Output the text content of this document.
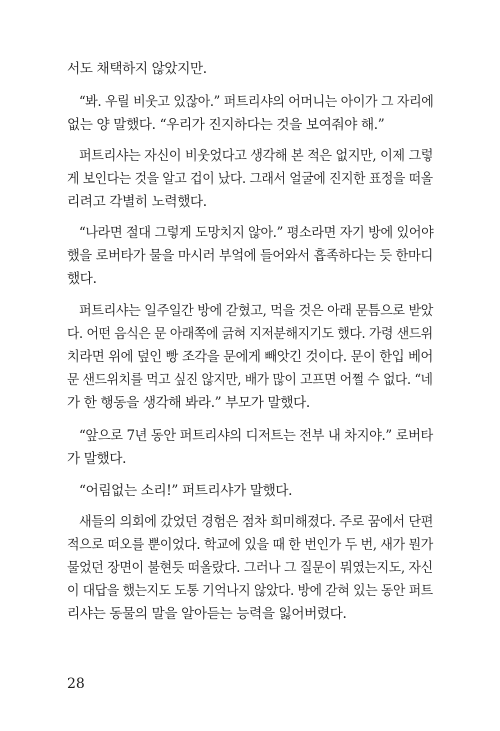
서도 채택하지 않았지만.
“봐. 우릴 비웃고 있잖아.” 퍼트리샤의 어머니는 아이가 그 자리에
없는 양 말했다. “우리가 진지하다는 것을 보여줘야 해.”
퍼트리샤는 자신이 비웃었다고 생각해 본 적은 없지만, 이제 그렇
게 보인다는 것을 알고 겁이 났다. 그래서 얼굴에 진지한 표정을 떠올
리려고 각별히 노력했다.
“나라면 절대 그렇게 도망치지 않아.” 평소라면 자기 방에 있어야
했을 로버타가 물을 마시러 부엌에 들어와서 흡족하다는 듯 한마디
했다.
퍼트리샤는 일주일간 방에 갇혔고, 먹을 것은 아래 문틈으로 받았
다. 어떤 음식은 문 아래쪽에 긁혀 지저분해지기도 했다. 가령 샌드위
치라면 위에 덮인 빵 조각을 문에게 빼앗긴 것이다. 문이 한입 베어
문 샌드위치를 먹고 싶진 않지만, 배가 많이 고프면 어쩔 수 없다. “네
가 한 행동을 생각해 봐라.” 부모가 말했다.
“앞으로 7년 동안 퍼트리샤의 디저트는 전부 내 차지야.” 로버타
가 말했다.
“어림없는 소리!” 퍼트리샤가 말했다.
새들의 의회에 갔었던 경험은 점차 희미해졌다. 주로 꿈에서 단편
적으로 떠오를 뿐이었다. 학교에 있을 때 한 번인가 두 번, 새가 뭔가
물었던 장면이 불현듯 떠올랐다. 그러나 그 질문이 뭐였는지도, 자신
이 대답을 했는지도 도통 기억나지 않았다. 방에 갇혀 있는 동안 퍼트
리샤는 동물의 말을 알아듣는 능력을 잃어버렸다.
28
